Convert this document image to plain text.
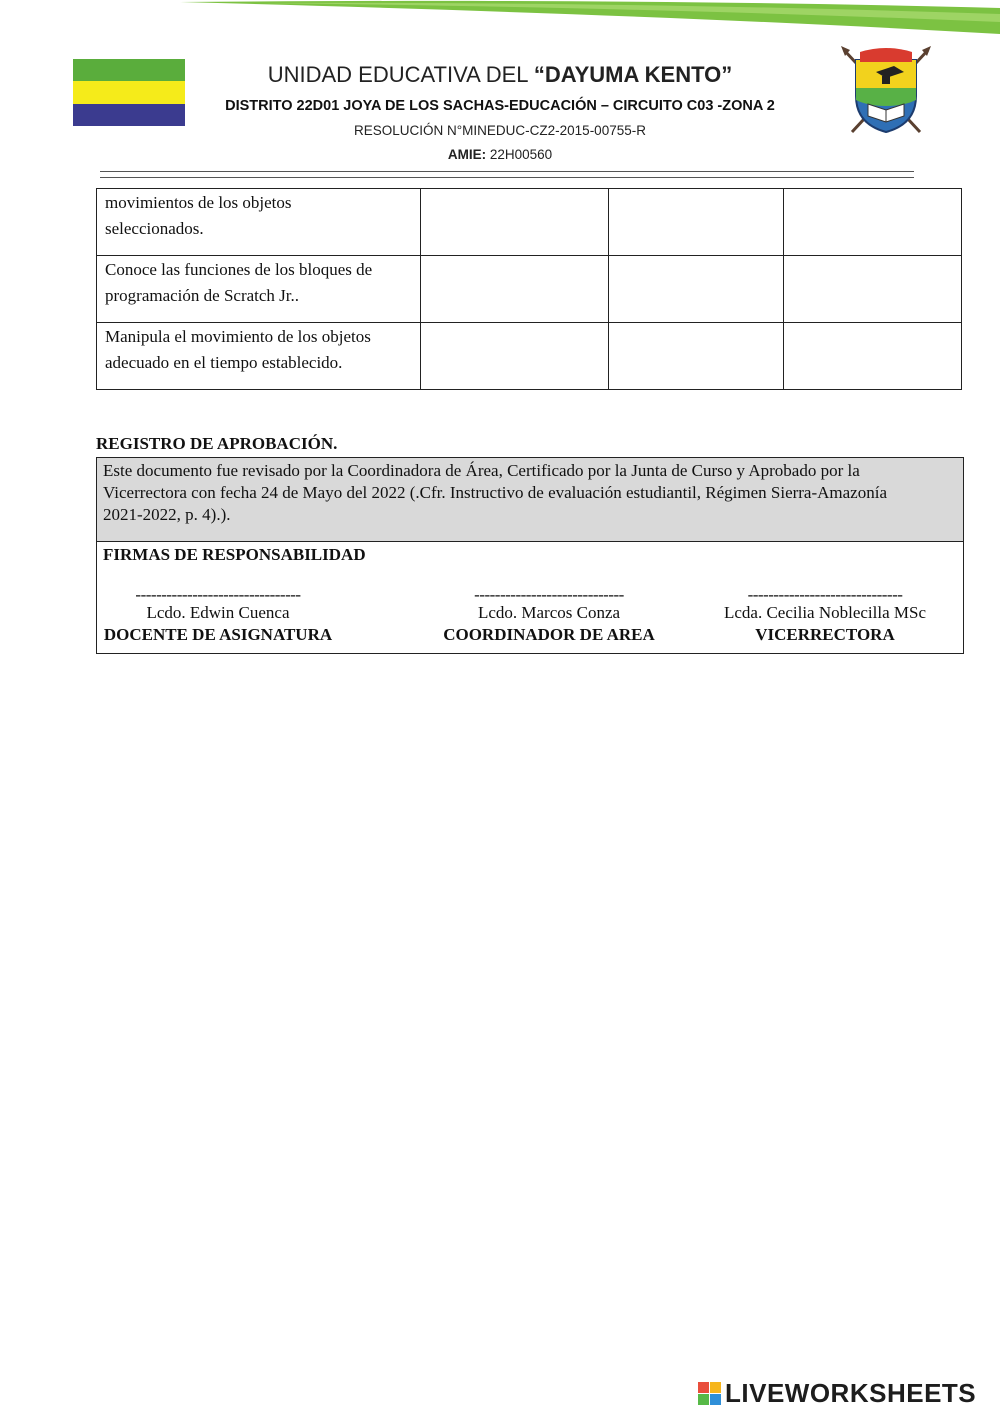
UNIDAD EDUCATIVA DEL “DAYUMA KENTO”
DISTRITO 22D01 JOYA DE LOS SACHAS-EDUCACIÓN – CIRCUITO C03 -ZONA 2
RESOLUCIÓN N°MINEDUC-CZ2-2015-00755-R
AMIE: 22H00560
movimientos de los objetos
seleccionados.			

Conoce las funciones de los bloques de
programación de Scratch Jr..			

Manipula el movimiento de los objetos
adecuado en el tiempo establecido.			

REGISTRO DE APROBACIÓN.
Este documento fue revisado por la Coordinadora de Área, Certificado por la Junta de Curso y Aprobado por la
Vicerrectora con fecha 24 de Mayo del 2022 (.Cfr. Instructivo de evaluación estudiantil, Régimen Sierra-Amazonía
2021-2022, p. 4).).
FIRMAS DE RESPONSABILIDAD
--------------------------------
Lcdo. Edwin Cuenca
DOCENTE DE ASIGNATURA
-----------------------------
Lcdo. Marcos Conza
COORDINADOR DE AREA
------------------------------
Lcda. Cecilia Noblecilla MSc
VICERRECTORA
LIVEWORKSHEETS
